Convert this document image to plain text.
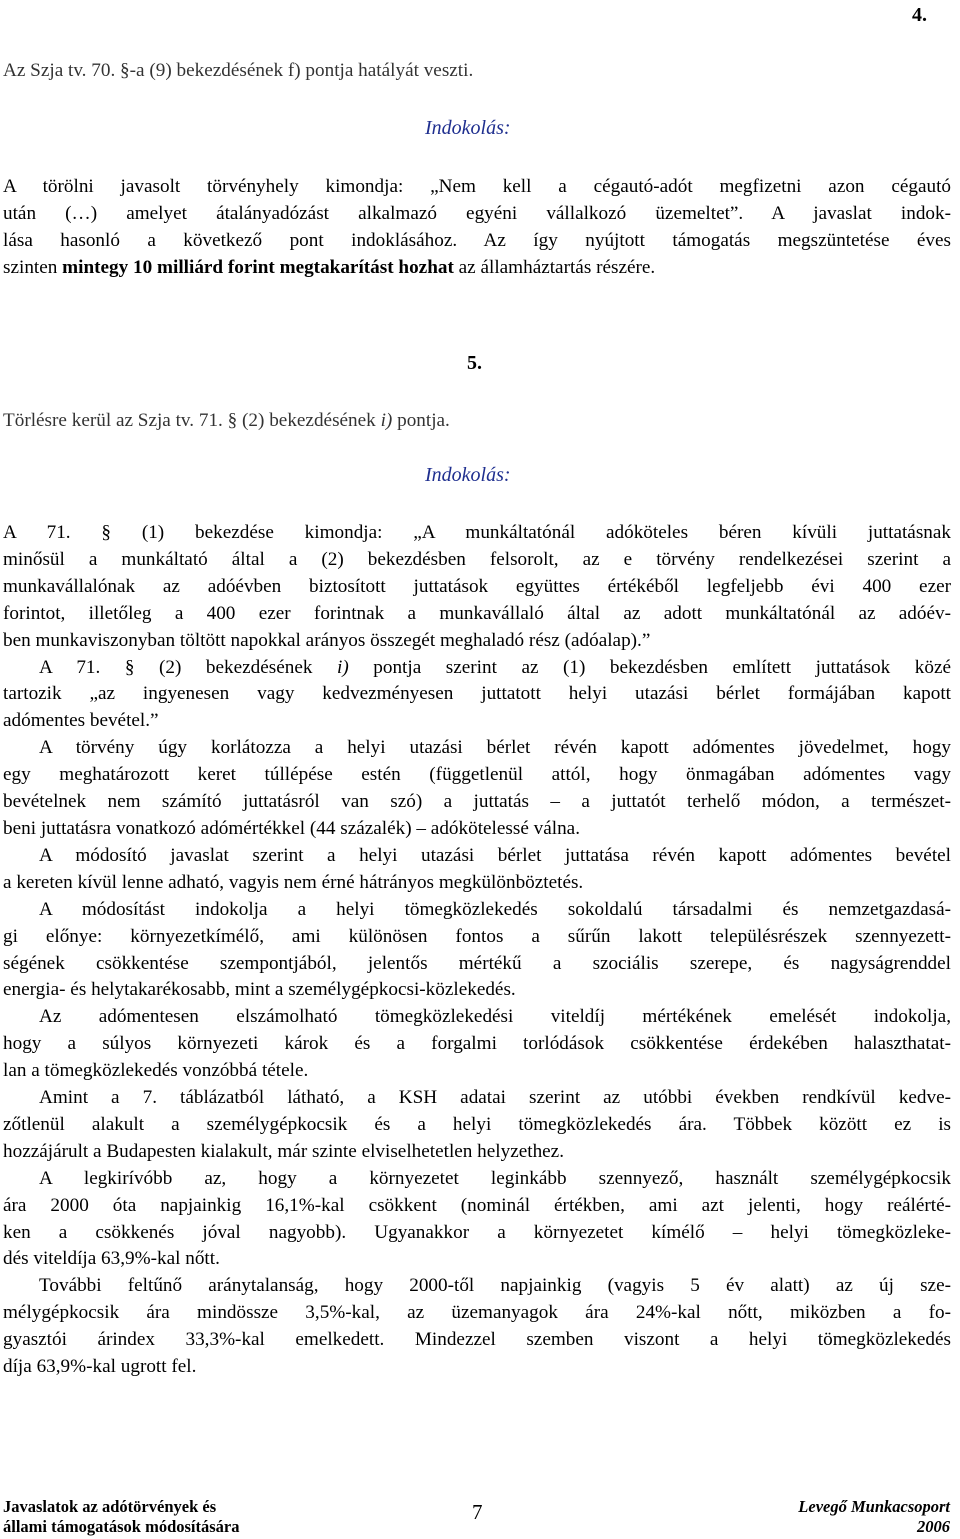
4.
Az Szja tv. 70. §-a (9) bekezdésének f) pontja hatályát veszti.
Indokolás:
A törölni javasolt törvényhely kimondja: „Nem kell a cégautó-adót megfizetni azon cégautó
után (…) amelyet átalányadózást alkalmazó egyéni vállalkozó üzemeltet”. A javaslat indok-
lása hasonló a következő pont indoklásához. Az így nyújtott támogatás megszüntetése éves
szinten mintegy 10 milliárd forint megtakarítást hozhat az államháztartás részére.
5.
Törlésre kerül az Szja tv. 71. § (2) bekezdésének i) pontja.
Indokolás:
A 71. § (1) bekezdése kimondja: „A munkáltatónál adóköteles béren kívüli juttatásnak
minősül a munkáltató által a (2) bekezdésben felsorolt, az e törvény rendelkezései szerint a
munkavállalónak az adóévben biztosított juttatások együttes értékéből legfeljebb évi 400 ezer
forintot, illetőleg a 400 ezer forintnak a munkavállaló által az adott munkáltatónál az adóév-
ben munkaviszonyban töltött napokkal arányos összegét meghaladó rész (adóalap).”
A 71. § (2) bekezdésének i) pontja szerint az (1) bekezdésben említett juttatások közé
tartozik „az ingyenesen vagy kedvezményesen juttatott helyi utazási bérlet formájában kapott
adómentes bevétel.”
A törvény úgy korlátozza a helyi utazási bérlet révén kapott adómentes jövedelmet, hogy
egy meghatározott keret túllépése estén (függetlenül attól, hogy önmagában adómentes vagy
bevételnek nem számító juttatásról van szó) a juttatás – a juttatót terhelő módon, a természet-
beni juttatásra vonatkozó adómértékkel (44 százalék) – adókötelessé válna.
A módosító javaslat szerint a helyi utazási bérlet juttatása révén kapott adómentes bevétel
a kereten kívül lenne adható, vagyis nem érné hátrányos megkülönböztetés.
A módosítást indokolja a helyi tömegközlekedés sokoldalú társadalmi és nemzetgazdasá-
gi előnye: környezetkímélő, ami különösen fontos a sűrűn lakott településrészek szennyezett-
ségének csökkentése szempontjából, jelentős mértékű a szociális szerepe, és nagyságrenddel
energia- és helytakarékosabb, mint a személygépkocsi-közlekedés.
Az adómentesen elszámolható tömegközlekedési viteldíj mértékének emelését indokolja,
hogy a súlyos környezeti károk és a forgalmi torlódások csökkentése érdekében halaszthatat-
lan a tömegközlekedés vonzóbbá tétele.
Amint a 7. táblázatból látható, a KSH adatai szerint az utóbbi években rendkívül kedve-
zőtlenül alakult a személygépkocsik és a helyi tömegközlekedés ára. Többek között ez is
hozzájárult a Budapesten kialakult, már szinte elviselhetetlen helyzethez.
A legkirívóbb az, hogy a környezetet leginkább szennyező, használt személygépkocsik
ára 2000 óta napjainkig 16,1%-kal csökkent (nominál értékben, ami azt jelenti, hogy reálérté-
ken a csökkenés jóval nagyobb). Ugyanakkor a környezetet kímélő – helyi tömegközleke-
dés viteldíja 63,9%-kal nőtt.
További feltűnő aránytalanság, hogy 2000-től napjainkig (vagyis 5 év alatt) az új sze-
mélygépkocsik ára mindössze 3,5%-kal, az üzemanyagok ára 24%-kal nőtt, miközben a fo-
gyasztói árindex 33,3%-kal emelkedett. Mindezzel szemben viszont a helyi tömegközlekedés
díja 63,9%-kal ugrott fel.
Javaslatok az adótörvények és
állami támogatások módosítására
7	Levegő Munkacsoport
2006
